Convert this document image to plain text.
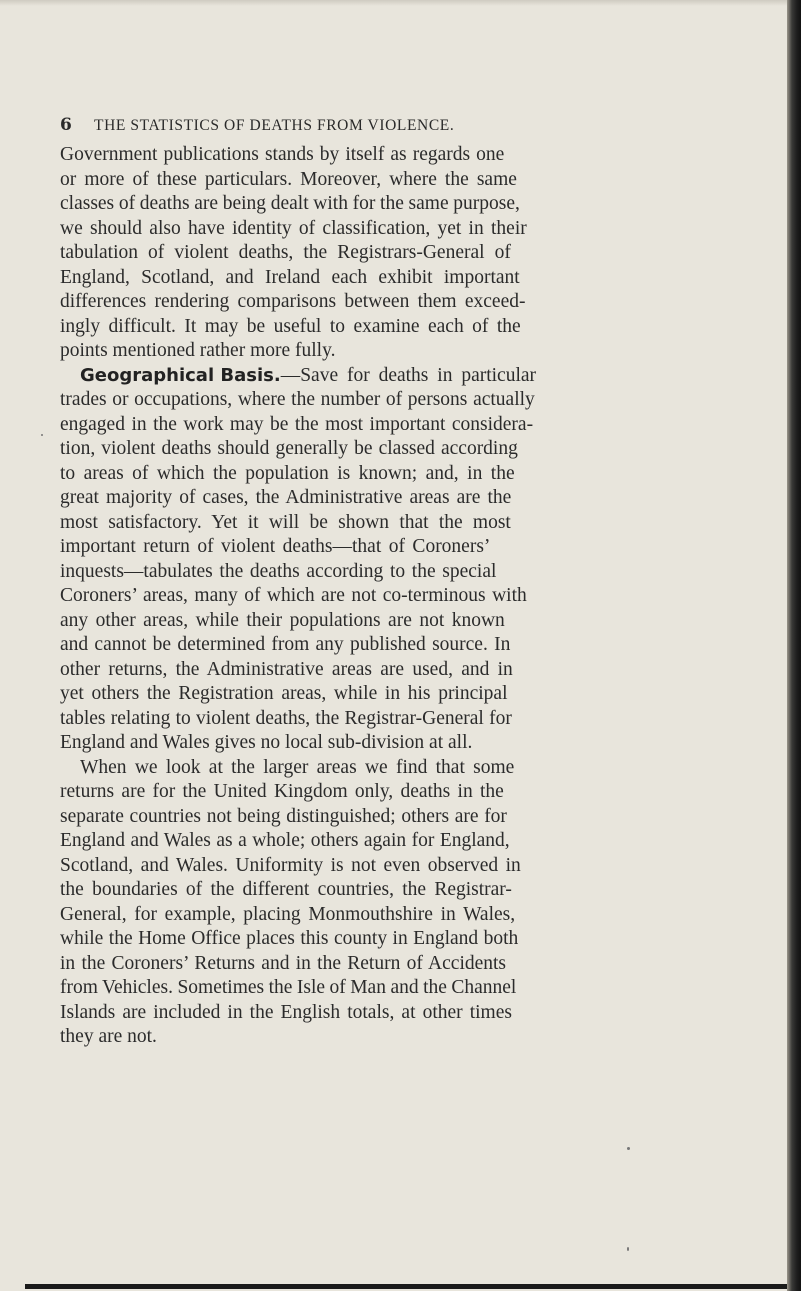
6 THE STATISTICS OF DEATHS FROM VIOLENCE.
Government publications stands by itself as regards one
or more of these particulars. Moreover, where the same
classes of deaths are being dealt with for the same purpose,
we should also have identity of classification, yet in their
tabulation of violent deaths, the Registrars-General of
England, Scotland, and Ireland each exhibit important
differences rendering comparisons between them exceed-
ingly difficult. It may be useful to examine each of the
points mentioned rather more fully.
Geographical Basis.—Save for deaths in particular
trades or occupations, where the number of persons actually
engaged in the work may be the most important considera-
tion, violent deaths should generally be classed according
to areas of which the population is known; and, in the
great majority of cases, the Administrative areas are the
most satisfactory. Yet it will be shown that the most
important return of violent deaths—that of Coroners’
inquests—tabulates the deaths according to the special
Coroners’ areas, many of which are not co-terminous with
any other areas, while their populations are not known
and cannot be determined from any published source. In
other returns, the Administrative areas are used, and in
yet others the Registration areas, while in his principal
tables relating to violent deaths, the Registrar-General for
England and Wales gives no local sub-division at all.
When we look at the larger areas we find that some
returns are for the United Kingdom only, deaths in the
separate countries not being distinguished; others are for
England and Wales as a whole; others again for England,
Scotland, and Wales. Uniformity is not even observed in
the boundaries of the different countries, the Registrar-
General, for example, placing Monmouthshire in Wales,
while the Home Office places this county in England both
in the Coroners’ Returns and in the Return of Accidents
from Vehicles. Sometimes the Isle of Man and the Channel
Islands are included in the English totals, at other times
they are not.
